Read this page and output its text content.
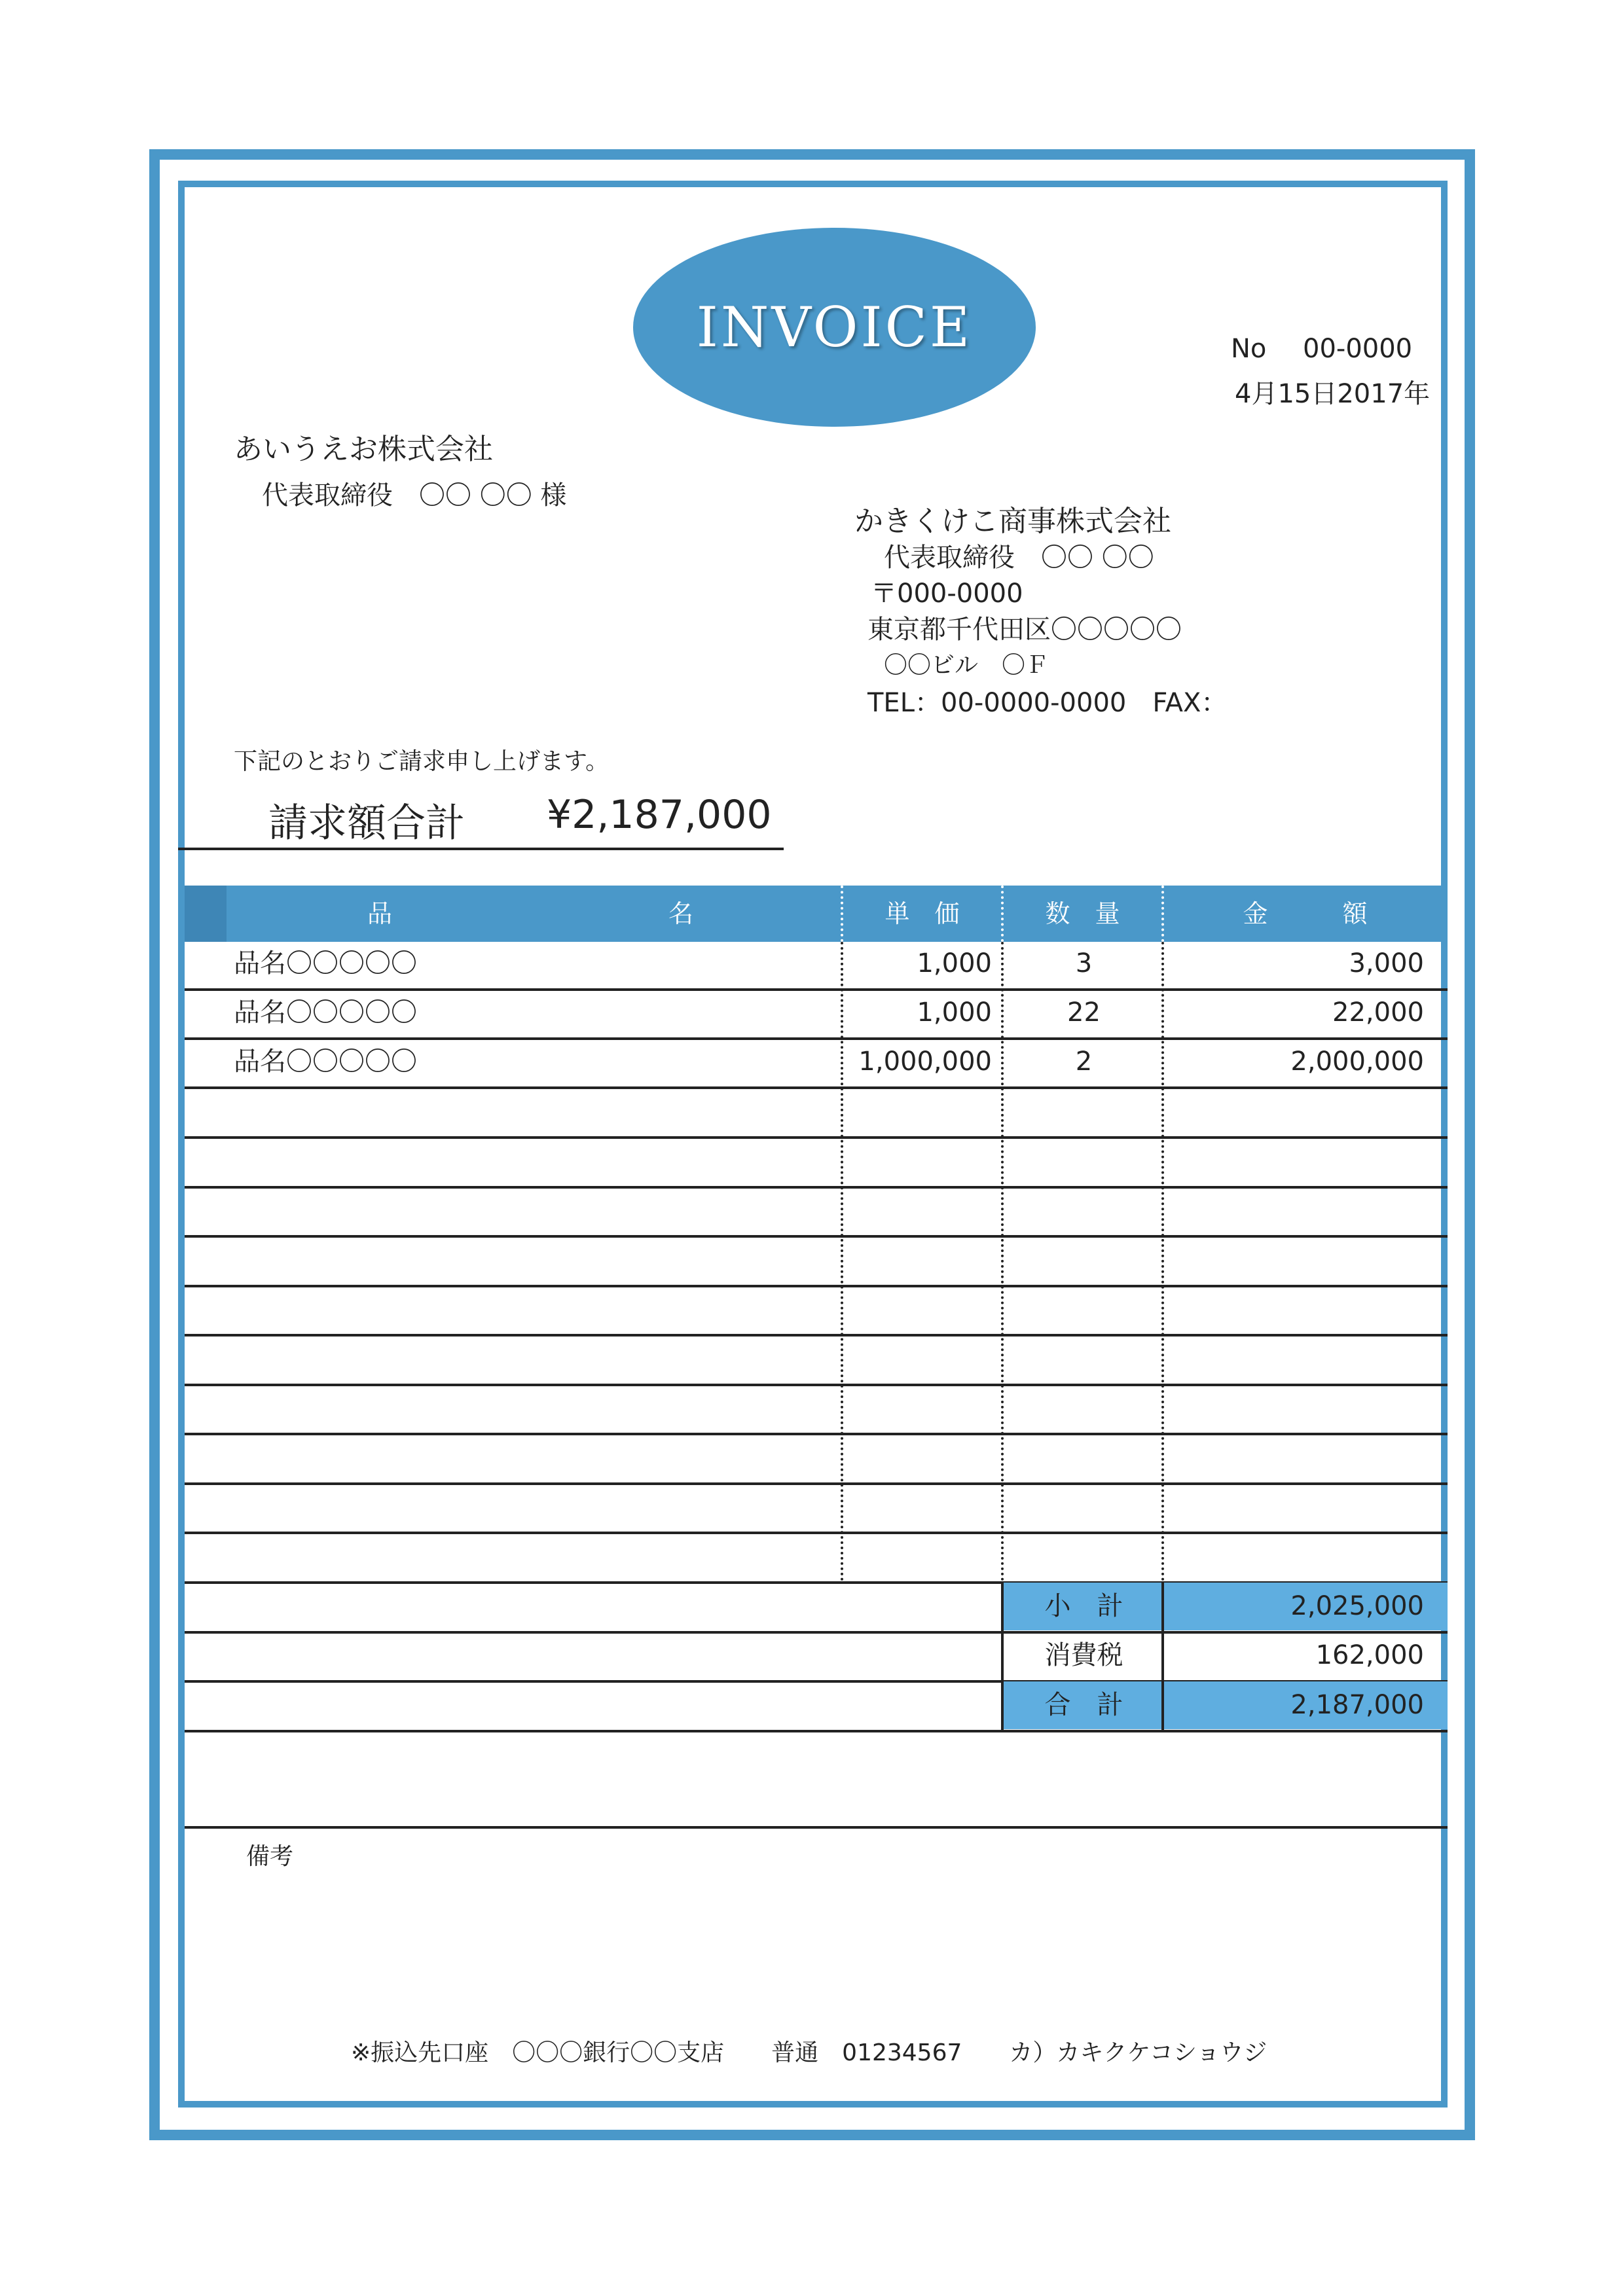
INVOICE	No 00-0000
4月15日2017年
あいうえお株式会社
代表取締役　〇〇 〇〇 様
かきくけこ商事株式会社
代表取締役　〇〇 〇〇
〒000-0000
東京都千代田区〇〇〇〇〇
〇〇ビル　〇Ｆ
TEL：00-0000-0000　FAX：
下記のとおりご請求申し上げます。
請求額合計 ¥2,187,000
品	名	単　価	数　量	金　　　額
品名〇〇〇〇〇	1,000	3	3,000
品名〇〇〇〇〇	1,000	22	22,000
品名〇〇〇〇〇	1,000,000	2	2,000,000
小　計	2,025,000
消費税	162,000
合　計	2,187,000
備考
※振込先口座　〇〇〇銀行〇〇支店　　普通　01234567　　カ）カキクケコショウジ
